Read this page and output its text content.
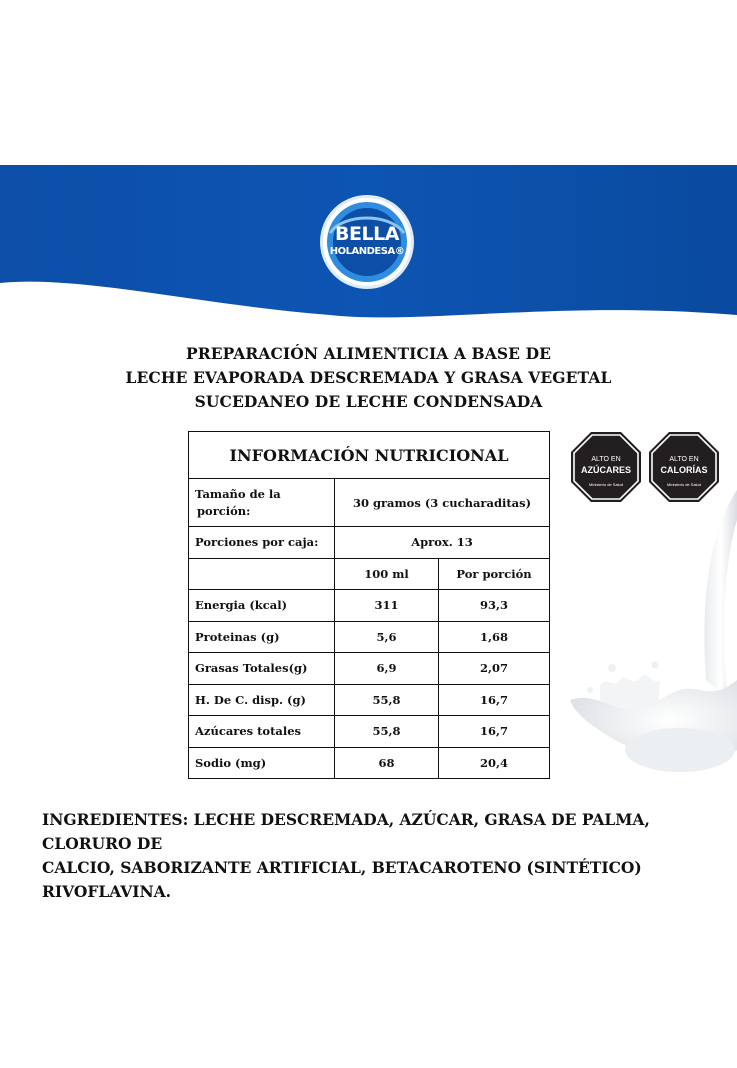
BELLA
HOLANDESA®
PREPARACIÓN ALIMENTICIA A BASE DE
LECHE EVAPORADA DESCREMADA Y GRASA VEGETAL
SUCEDANEO DE LECHE CONDENSADA
INFORMACIÓN NUTRICIONAL		

Tamaño de la
porción:	30 gramos (3 cucharaditas)	
Porciones por caja:	Aprox. 13	
	100 ml	Por porción
Energia (kcal)	311	93,3
Proteinas (g)	5,6	1,68
Grasas Totales(g)	6,9	2,07
H. De C. disp. (g)	55,8	16,7
Azúcares totales	55,8	16,7
Sodio (mg)	68	20,4
ALTO EN
AZÚCARES
Ministerio de Salud
ALTO EN
CALORÍAS
Ministerio de Salud
INGREDIENTES: LECHE DESCREMADA, AZÚCAR, GRASA DE PALMA, CLORURO DE
CALCIO, SABORIZANTE ARTIFICIAL, BETACAROTENO (SINTÉTICO) RIVOFLAVINA.
